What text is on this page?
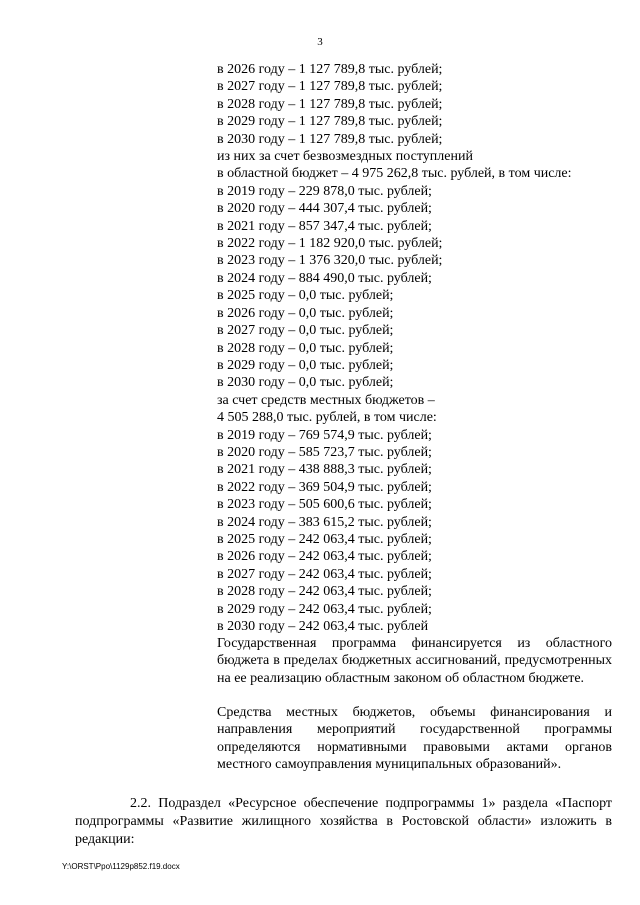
3
в 2026 году – 1 127 789,8 тыс. рублей;
в 2027 году – 1 127 789,8 тыс. рублей;
в 2028 году – 1 127 789,8 тыс. рублей;
в 2029 году – 1 127 789,8 тыс. рублей;
в 2030 году – 1 127 789,8 тыс. рублей;
из них за счет безвозмездных поступлений
в областной бюджет – 4 975 262,8 тыс. рублей, в том числе:
в 2019 году – 229 878,0 тыс. рублей;
в 2020 году – 444 307,4 тыс. рублей;
в 2021 году – 857 347,4 тыс. рублей;
в 2022 году – 1 182 920,0 тыс. рублей;
в 2023 году – 1 376 320,0 тыс. рублей;
в 2024 году – 884 490,0 тыс. рублей;
в 2025 году – 0,0 тыс. рублей;
в 2026 году – 0,0 тыс. рублей;
в 2027 году – 0,0 тыс. рублей;
в 2028 году – 0,0 тыс. рублей;
в 2029 году – 0,0 тыс. рублей;
в 2030 году – 0,0 тыс. рублей;
за счет средств местных бюджетов –
4 505 288,0 тыс. рублей, в том числе:
в 2019 году – 769 574,9 тыс. рублей;
в 2020 году – 585 723,7 тыс. рублей;
в 2021 году – 438 888,3 тыс. рублей;
в 2022 году – 369 504,9 тыс. рублей;
в 2023 году – 505 600,6 тыс. рублей;
в 2024 году – 383 615,2 тыс. рублей;
в 2025 году – 242 063,4 тыс. рублей;
в 2026 году – 242 063,4 тыс. рублей;
в 2027 году – 242 063,4 тыс. рублей;
в 2028 году – 242 063,4 тыс. рублей;
в 2029 году – 242 063,4 тыс. рублей;
в 2030 году – 242 063,4 тыс. рублей

Государственная программа финансируется из областного бюджета в пределах бюджетных ассигнований, предусмотренных на ее реализацию областным законом об областном бюджете.

Средства местных бюджетов, объемы финансирования и направления мероприятий государственной программы определяются нормативными правовыми актами органов местного самоуправления муниципальных образований».

2.2. Подраздел «Ресурсное обеспечение подпрограммы 1» раздела «Паспорт подпрограммы «Развитие жилищного хозяйства в Ростовской области» изложить в редакции:

Y:\ORST\Ppo\1129p852.f19.docx
